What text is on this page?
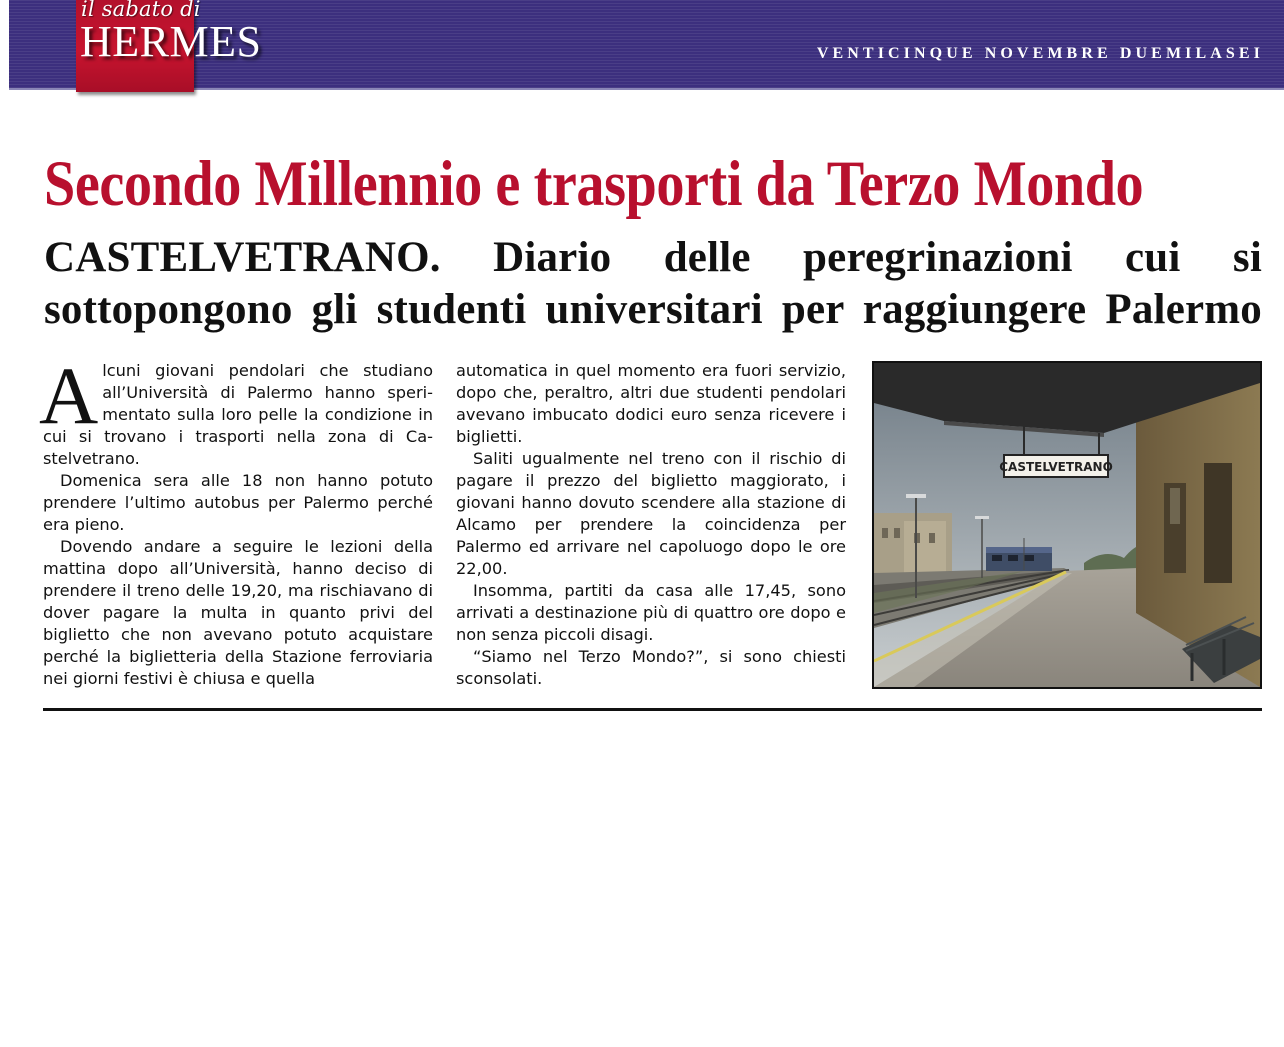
il sabato di
HERMES	VENTICINQUE NOVEMBRE DUEMILASEI
Secondo Millennio e trasporti da Terzo Mondo
CASTELVETRANO. Diario delle peregrinazioni cui si sottopongono gli studenti universitari per raggiungere Palermo
A lcuni giovani pendolari che studiano all’Università di Palermo hanno sperimentato sulla loro pelle la condizione in cui si trovano i trasporti nella zona di Castelvetrano.

Domenica sera alle 18 non hanno potuto prendere l’ultimo autobus per Palermo perché era pieno.

Dovendo andare a seguire le lezioni della mattina dopo all’Università, hanno deciso di prendere il treno delle 19,20, ma rischiavano di dover pagare la multa in quanto privi del biglietto che non avevano potuto acquistare perché la biglietteria della Stazione ferroviaria nei giorni festivi è chiusa e quella

automatica in quel momento era fuori servizio, dopo che, peraltro, altri due studenti pendolari avevano imbucato dodici euro senza ricevere i biglietti.

Saliti ugualmente nel treno con il rischio di pagare il prezzo del biglietto maggiorato, i giovani hanno dovuto scendere alla stazione di Alcamo per prendere la coincidenza per Palermo ed arrivare nel capoluogo dopo le ore 22,00.

Insomma, partiti da casa alle 17,45, sono arrivati a destinazione più di quattro ore dopo e non senza piccoli disagi.

“Siamo nel Terzo Mondo?”, si sono chiesti sconsolati.

CASTELVETRANO
